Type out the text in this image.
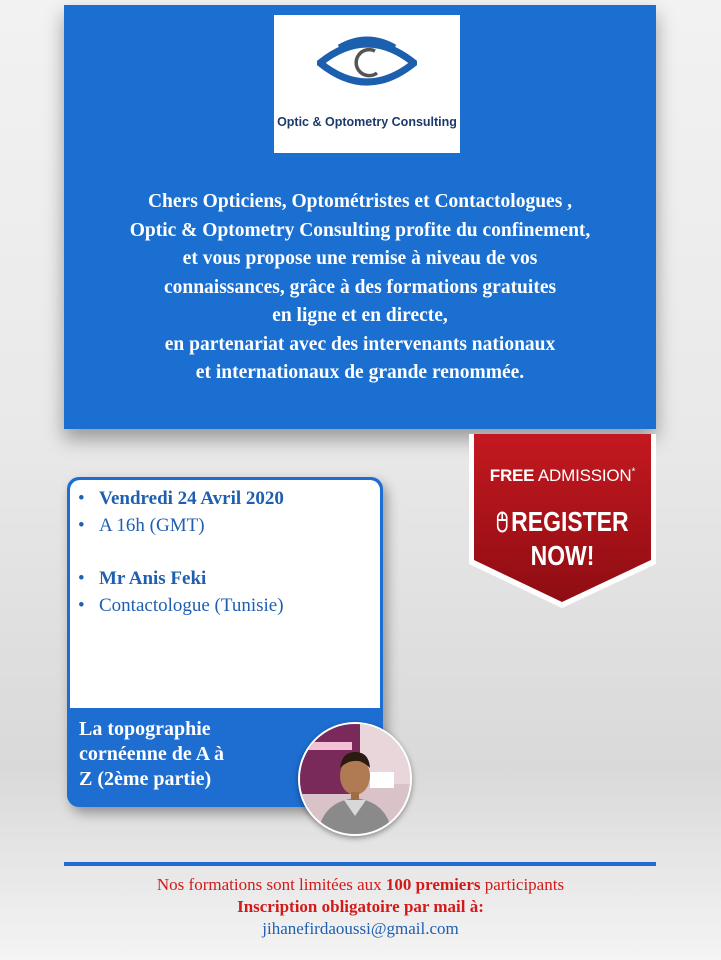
Optic & Optometry Consulting
Chers Opticiens, Optométristes et Contactologues ,
Optic & Optometry Consulting profite du confinement,
et vous propose une remise à niveau de vos
connaissances, grâce à des formations gratuites
en ligne et en directe,
en partenariat avec des intervenants nationaux
et internationaux de grande renommée.
• Vendredi 24 Avril 2020
• A 16h (GMT)
• Mr Anis Feki
• Contactologue (Tunisie)
La topographie
cornéenne de A à
Z (2ème partie)
FREE ADMISSION*
REGISTER
NOW!
Nos formations sont limitées aux 100 premiers participants
Inscription obligatoire par mail à:
jihanefirdaoussi@gmail.com
